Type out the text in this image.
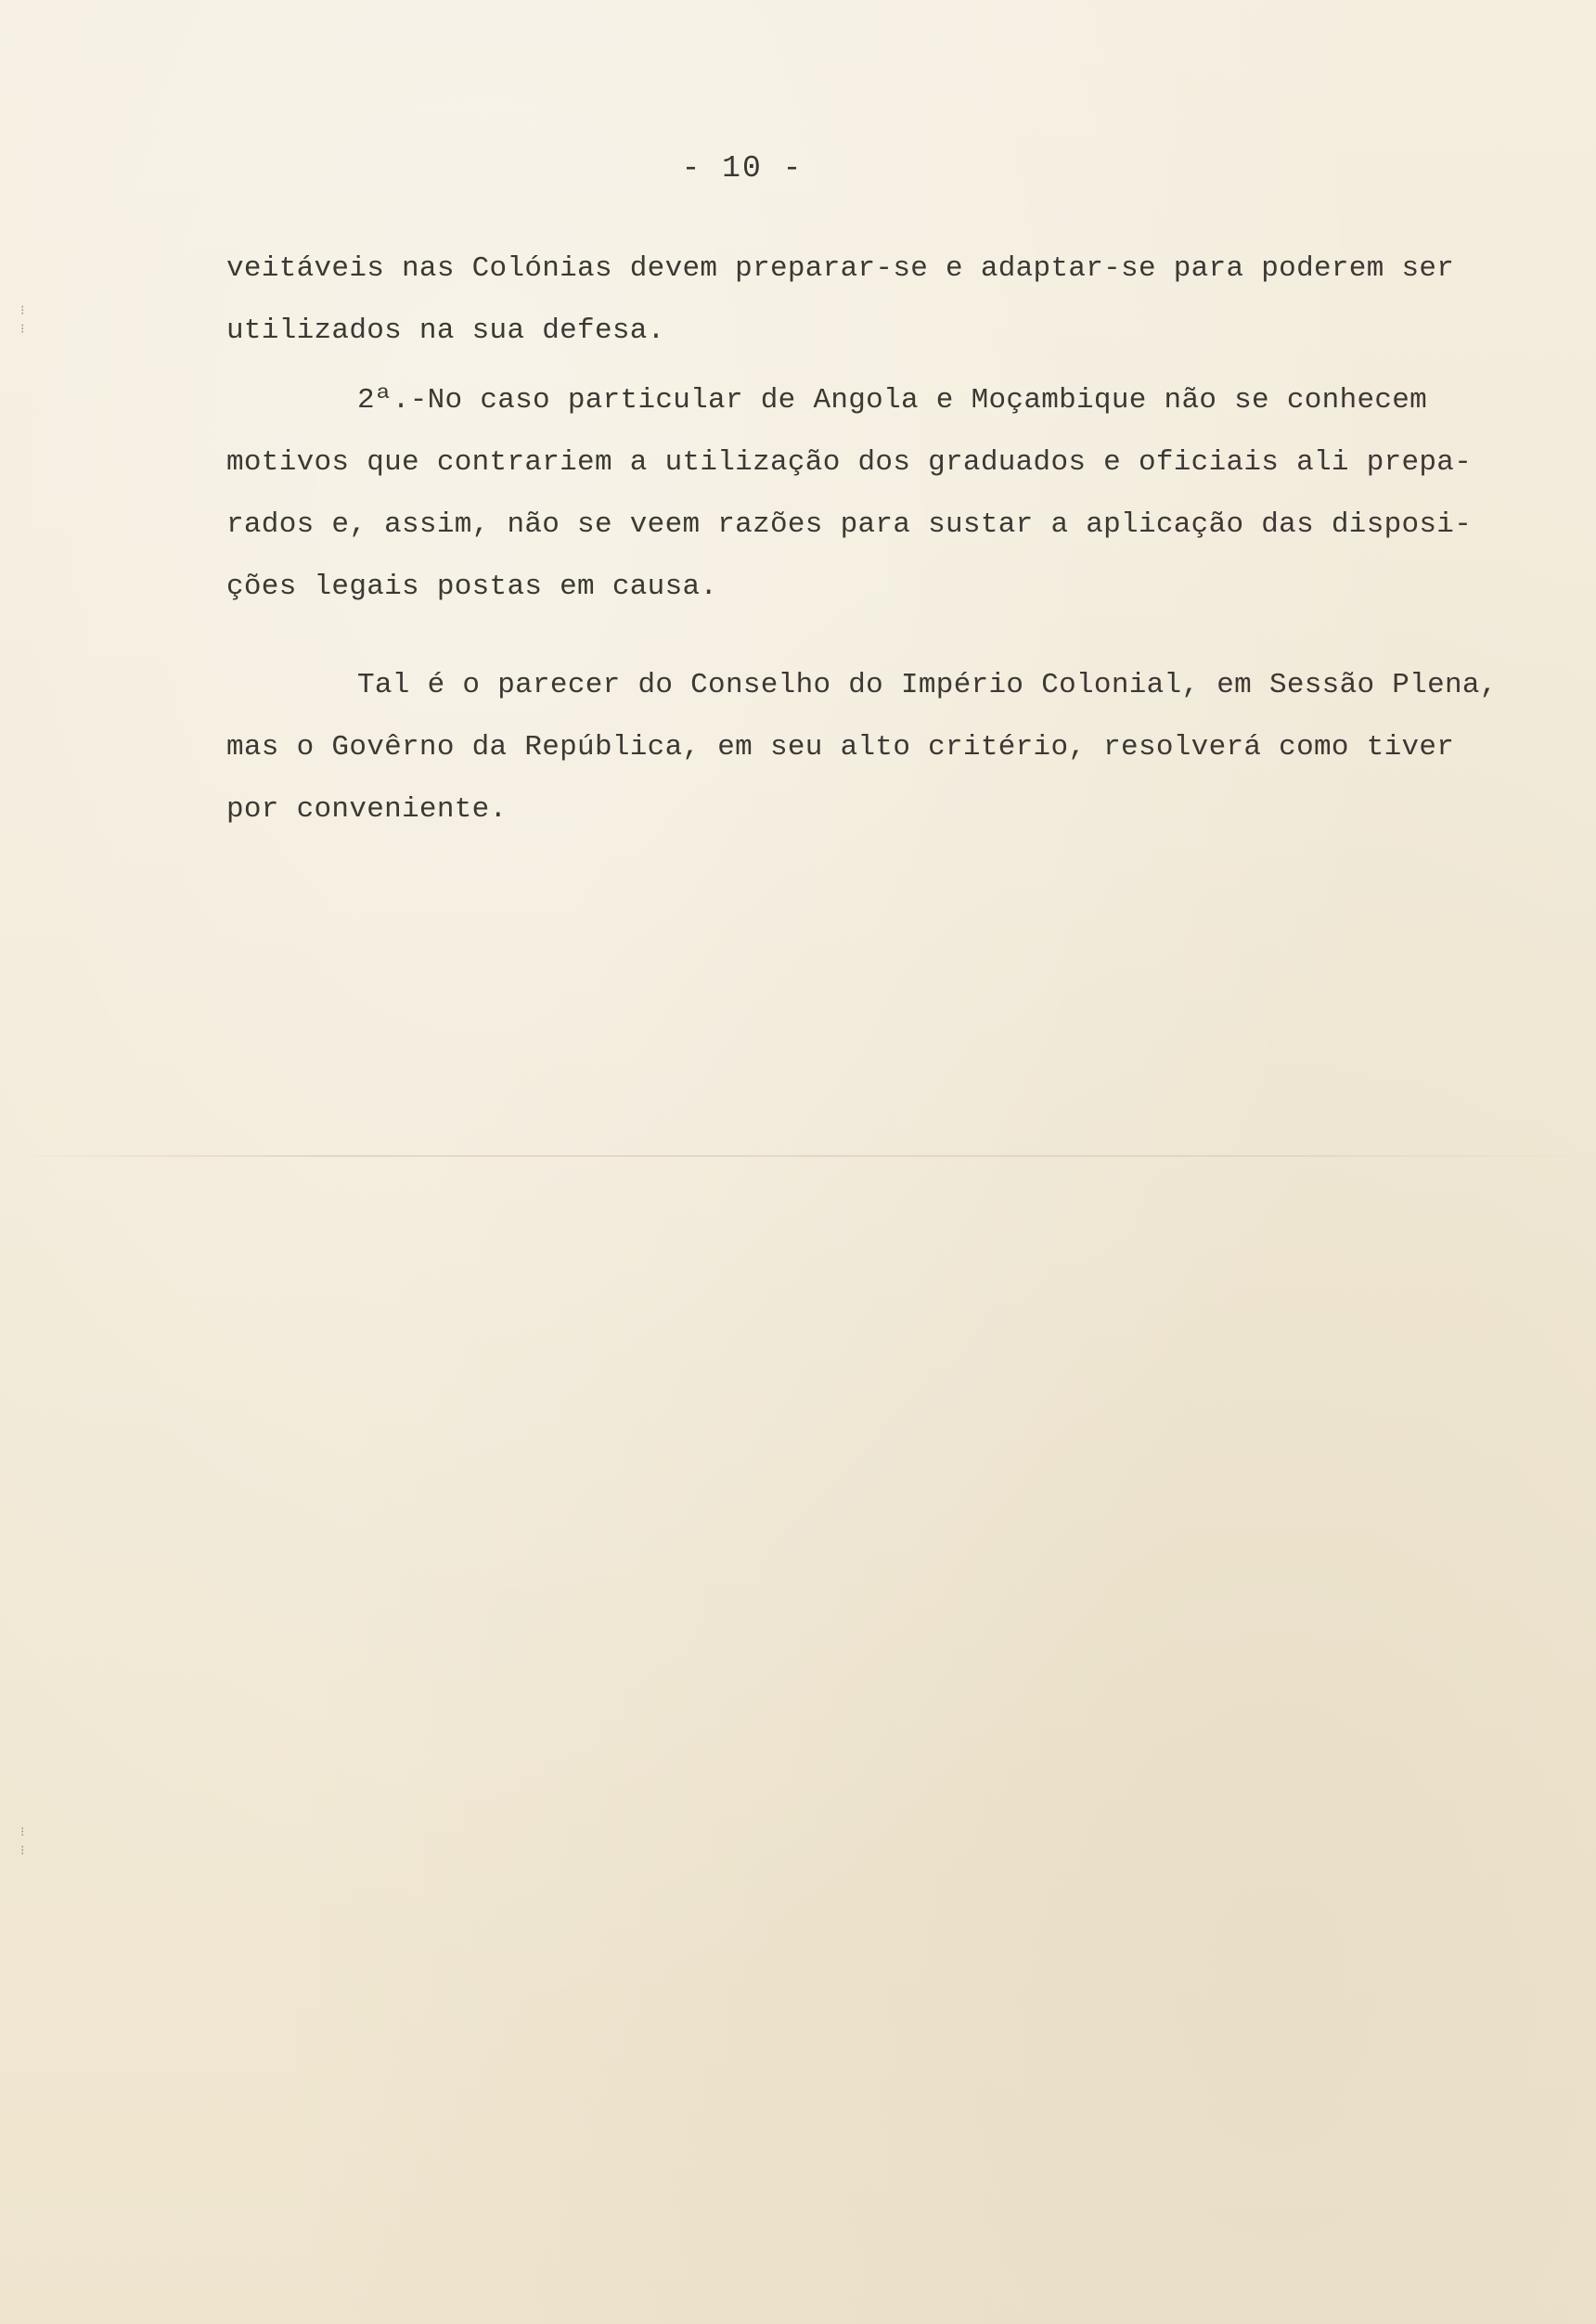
⁝ ⁝
⁝ ⁝
- 10 -
veitáveis nas Colónias devem preparar-se e adaptar-se para poderem ser
utilizados na sua defesa.
2ª.-No caso particular de Angola e Moçambique não se conhecem
motivos que contrariem a utilização dos graduados e oficiais ali prepa-
rados e, assim, não se veem razões para sustar a aplicação das disposi-
ções legais postas em causa.
Tal é o parecer do Conselho do Império Colonial, em Sessão Plena,
mas o Govêrno da República, em seu alto critério, resolverá como tiver
por conveniente.
